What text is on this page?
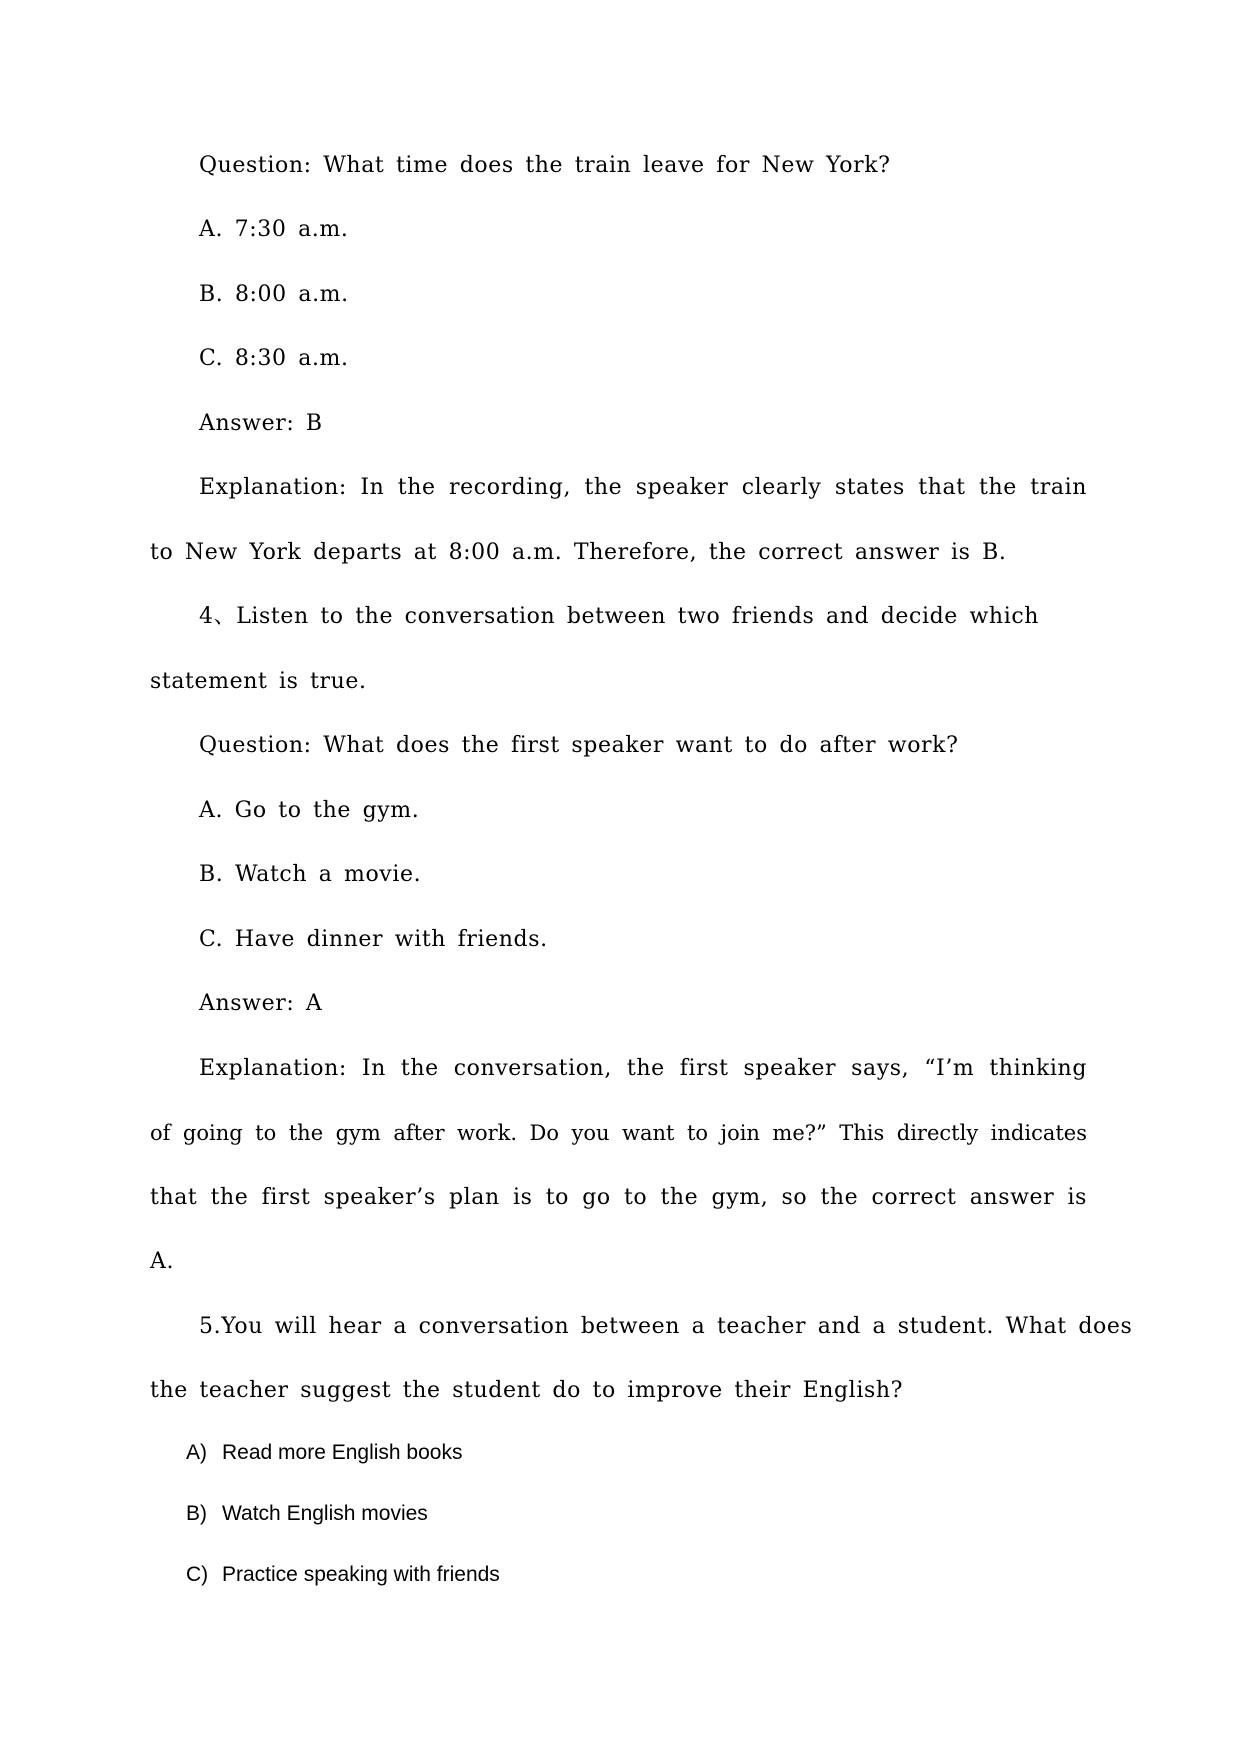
Question: What time does the train leave for New York?
A. 7:30 a.m.
B. 8:00 a.m.
C. 8:30 a.m.
Answer: B
Explanation: In the recording, the speaker clearly states that the train
to New York departs at 8:00 a.m. Therefore, the correct answer is B.
4、Listen to the conversation between two friends and decide which
statement is true.
Question: What does the first speaker want to do after work?
A. Go to the gym.
B. Watch a movie.
C. Have dinner with friends.
Answer: A
Explanation: In the conversation, the first speaker says, “I’m thinking
of going to the gym after work. Do you want to join me?” This directly indicates
that the first speaker’s plan is to go to the gym, so the correct answer is
A.
5.You will hear a conversation between a teacher and a student. What does
the teacher suggest the student do to improve their English?
A) Read more English books
B) Watch English movies
C) Practice speaking with friends
